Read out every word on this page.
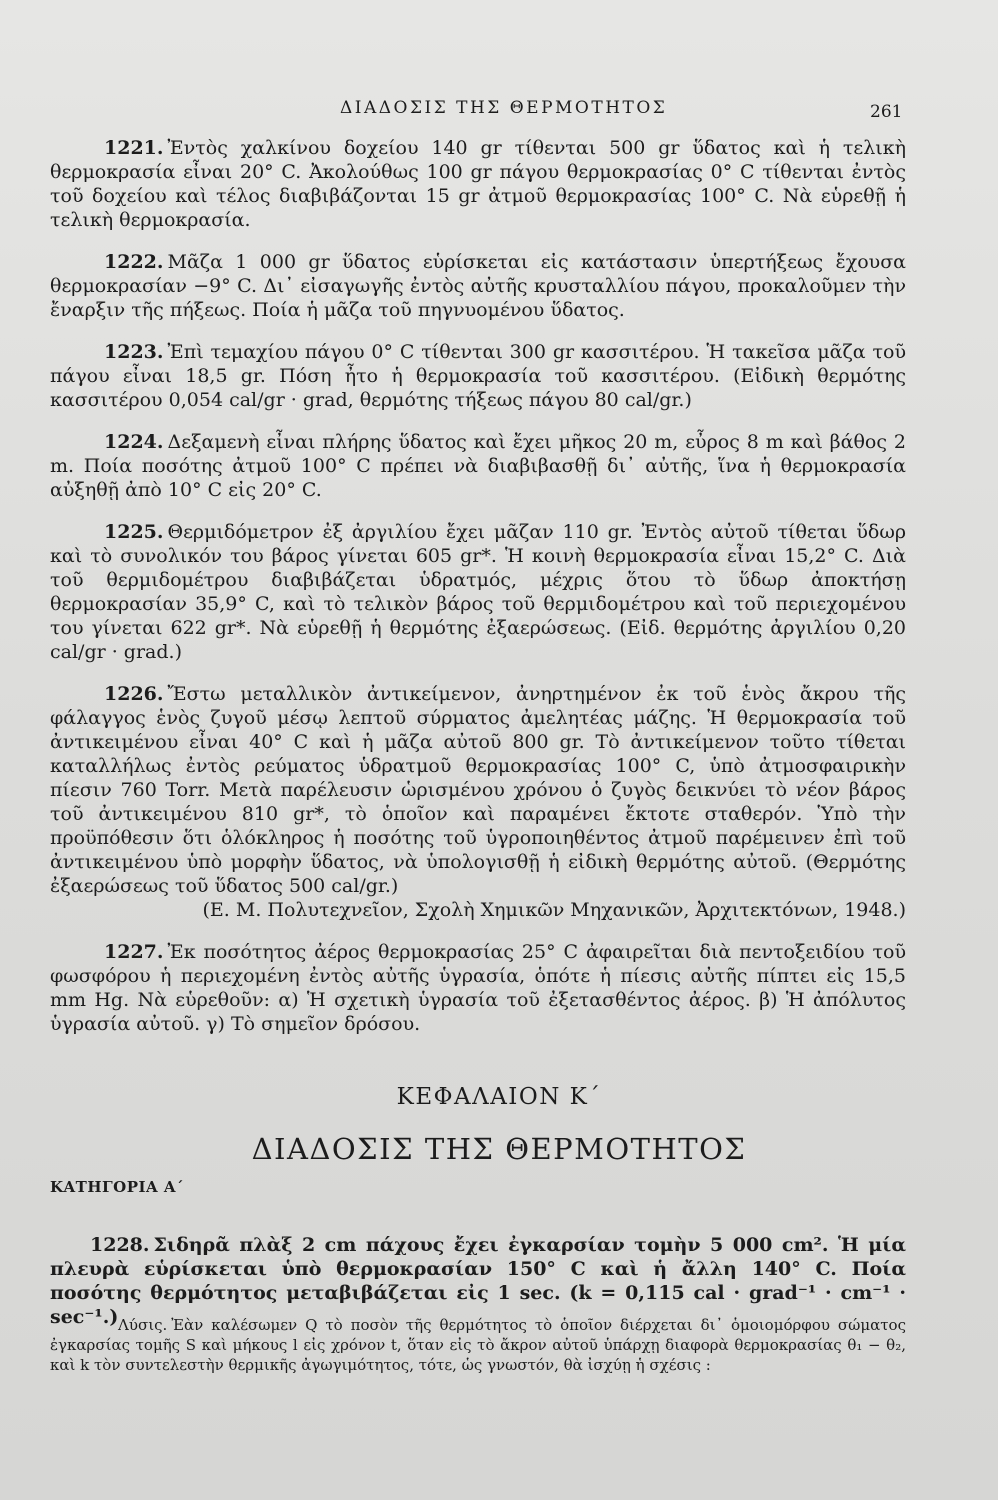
ΔΙΑΔΟΣΙΣ ΤΗΣ ΘΕΡΜΟΤΗΤΟΣ	261

1221. Ἐντὸς χαλκίνου δοχείου 140 gr τίθενται 500 gr ὕδατος καὶ ἡ τελικὴ θερμοκρασία εἶναι 20° C. Ἀκολούθως 100 gr πάγου θερμοκρασίας 0° C τίθενται ἐντὸς τοῦ δοχείου καὶ τέλος διαβιβάζονται 15 gr ἀτμοῦ θερμοκρασίας 100° C. Νὰ εὑρεθῇ ἡ τελικὴ θερμοκρασία.

1222. Μᾶζα 1 000 gr ὕδατος εὑρίσκεται εἰς κατάστασιν ὑπερτήξεως ἔχουσα θερμοκρασίαν −9° C. Δι᾽ εἰσαγωγῆς ἐντὸς αὐτῆς κρυσταλλίου πάγου, προκαλοῦμεν τὴν ἔναρξιν τῆς πήξεως. Ποία ἡ μᾶζα τοῦ πηγνυομένου ὕδατος.

1223. Ἐπὶ τεμαχίου πάγου 0° C τίθενται 300 gr κασσιτέρου. Ἡ τακεῖσα μᾶζα τοῦ πάγου εἶναι 18,5 gr. Πόση ἦτο ἡ θερμοκρασία τοῦ κασσιτέρου. (Εἰδικὴ θερμότης κασσιτέρου 0,054 cal/gr · grad, θερμότης τήξεως πάγου 80 cal/gr.)

1224. Δεξαμενὴ εἶναι πλήρης ὕδατος καὶ ἔχει μῆκος 20 m, εὖρος 8 m καὶ βάθος 2 m. Ποία ποσότης ἀτμοῦ 100° C πρέπει νὰ διαβιβασθῇ δι᾽ αὐτῆς, ἵνα ἡ θερμοκρασία αὐξηθῇ ἀπὸ 10° C εἰς 20° C.

1225. Θερμιδόμετρον ἐξ ἀργιλίου ἔχει μᾶζαν 110 gr. Ἐντὸς αὐτοῦ τίθεται ὕδωρ καὶ τὸ συνολικόν του βάρος γίνεται 605 gr*. Ἡ κοινὴ θερμοκρασία εἶναι 15,2° C. Διὰ τοῦ θερμιδομέτρου διαβιβάζεται ὑδρατμός, μέχρις ὅτου τὸ ὕδωρ ἀποκτήσῃ θερμοκρασίαν 35,9° C, καὶ τὸ τελικὸν βάρος τοῦ θερμιδομέτρου καὶ τοῦ περιεχομένου του γίνεται 622 gr*. Νὰ εὑρεθῇ ἡ θερμότης ἐξαερώσεως. (Εἰδ. θερμότης ἀργιλίου 0,20 cal/gr · grad.)

1226. Ἔστω μεταλλικὸν ἀντικείμενον, ἀνηρτημένον ἐκ τοῦ ἑνὸς ἄκρου τῆς φάλαγγος ἑνὸς ζυγοῦ μέσῳ λεπτοῦ σύρματος ἀμελητέας μάζης. Ἡ θερμοκρασία τοῦ ἀντικειμένου εἶναι 40° C καὶ ἡ μᾶζα αὐτοῦ 800 gr. Τὸ ἀντικείμενον τοῦτο τίθεται καταλλήλως ἐντὸς ρεύματος ὑδρατμοῦ θερμοκρασίας 100° C, ὑπὸ ἀτμοσφαιρικὴν πίεσιν 760 Torr. Μετὰ παρέλευσιν ὡρισμένου χρόνου ὁ ζυγὸς δεικνύει τὸ νέον βάρος τοῦ ἀντικειμένου 810 gr*, τὸ ὁποῖον καὶ παραμένει ἔκτοτε σταθερόν. Ὑπὸ τὴν προϋπόθεσιν ὅτι ὁλόκληρος ἡ ποσότης τοῦ ὑγροποιηθέντος ἀτμοῦ παρέμεινεν ἐπὶ τοῦ ἀντικειμένου ὑπὸ μορφὴν ὕδατος, νὰ ὑπολογισθῇ ἡ εἰδικὴ θερμότης αὐτοῦ. (Θερμότης ἐξαερώσεως τοῦ ὕδατος 500 cal/gr.)

(Ε. Μ. Πολυτεχνεῖον, Σχολὴ Χημικῶν Μηχανικῶν, Ἀρχιτεκτόνων, 1948.)

1227. Ἐκ ποσότητος ἀέρος θερμοκρασίας 25° C ἀφαιρεῖται διὰ πεντοξειδίου τοῦ φωσφόρου ἡ περιεχομένη ἐντὸς αὐτῆς ὑγρασία, ὁπότε ἡ πίεσις αὐτῆς πίπτει εἰς 15,5 mm Hg. Νὰ εὑρεθοῦν: α) Ἡ σχετικὴ ὑγρασία τοῦ ἐξετασθέντος ἀέρος. β) Ἡ ἀπόλυτος ὑγρασία αὐτοῦ. γ) Τὸ σημεῖον δρόσου.

ΚΕΦΑΛΑΙΟΝ Κ΄
ΔΙΑΔΟΣΙΣ ΤΗΣ ΘΕΡΜΟΤΗΤΟΣ
ΚΑΤΗΓΟΡΙΑ Α΄

1228. Σιδηρᾶ πλὰξ 2 cm πάχους ἔχει ἐγκαρσίαν τομὴν 5 000 cm². Ἡ μία πλευρὰ εὑρίσκεται ὑπὸ θερμοκρασίαν 150° C καὶ ἡ ἄλλη 140° C. Ποία ποσότης θερμότητος μεταβιβάζεται εἰς 1 sec. (k = 0,115 cal · grad⁻¹ · cm⁻¹ · sec⁻¹.) Λύσις. Ἐὰν καλέσωμεν Q τὸ ποσὸν τῆς θερμότητος τὸ ὁποῖον διέρχεται δι᾽ ὁμοιομόρφου σώματος ἐγκαρσίας τομῆς S καὶ μήκους l εἰς χρόνον t, ὅταν εἰς τὸ ἄκρον αὐτοῦ ὑπάρχῃ διαφορὰ θερμοκρασίας θ₁ − θ₂, καὶ k τὸν συντελεστὴν θερμικῆς ἀγωγιμότητος, τότε, ὡς γνωστόν, θὰ ἰσχύῃ ἡ σχέσις :
